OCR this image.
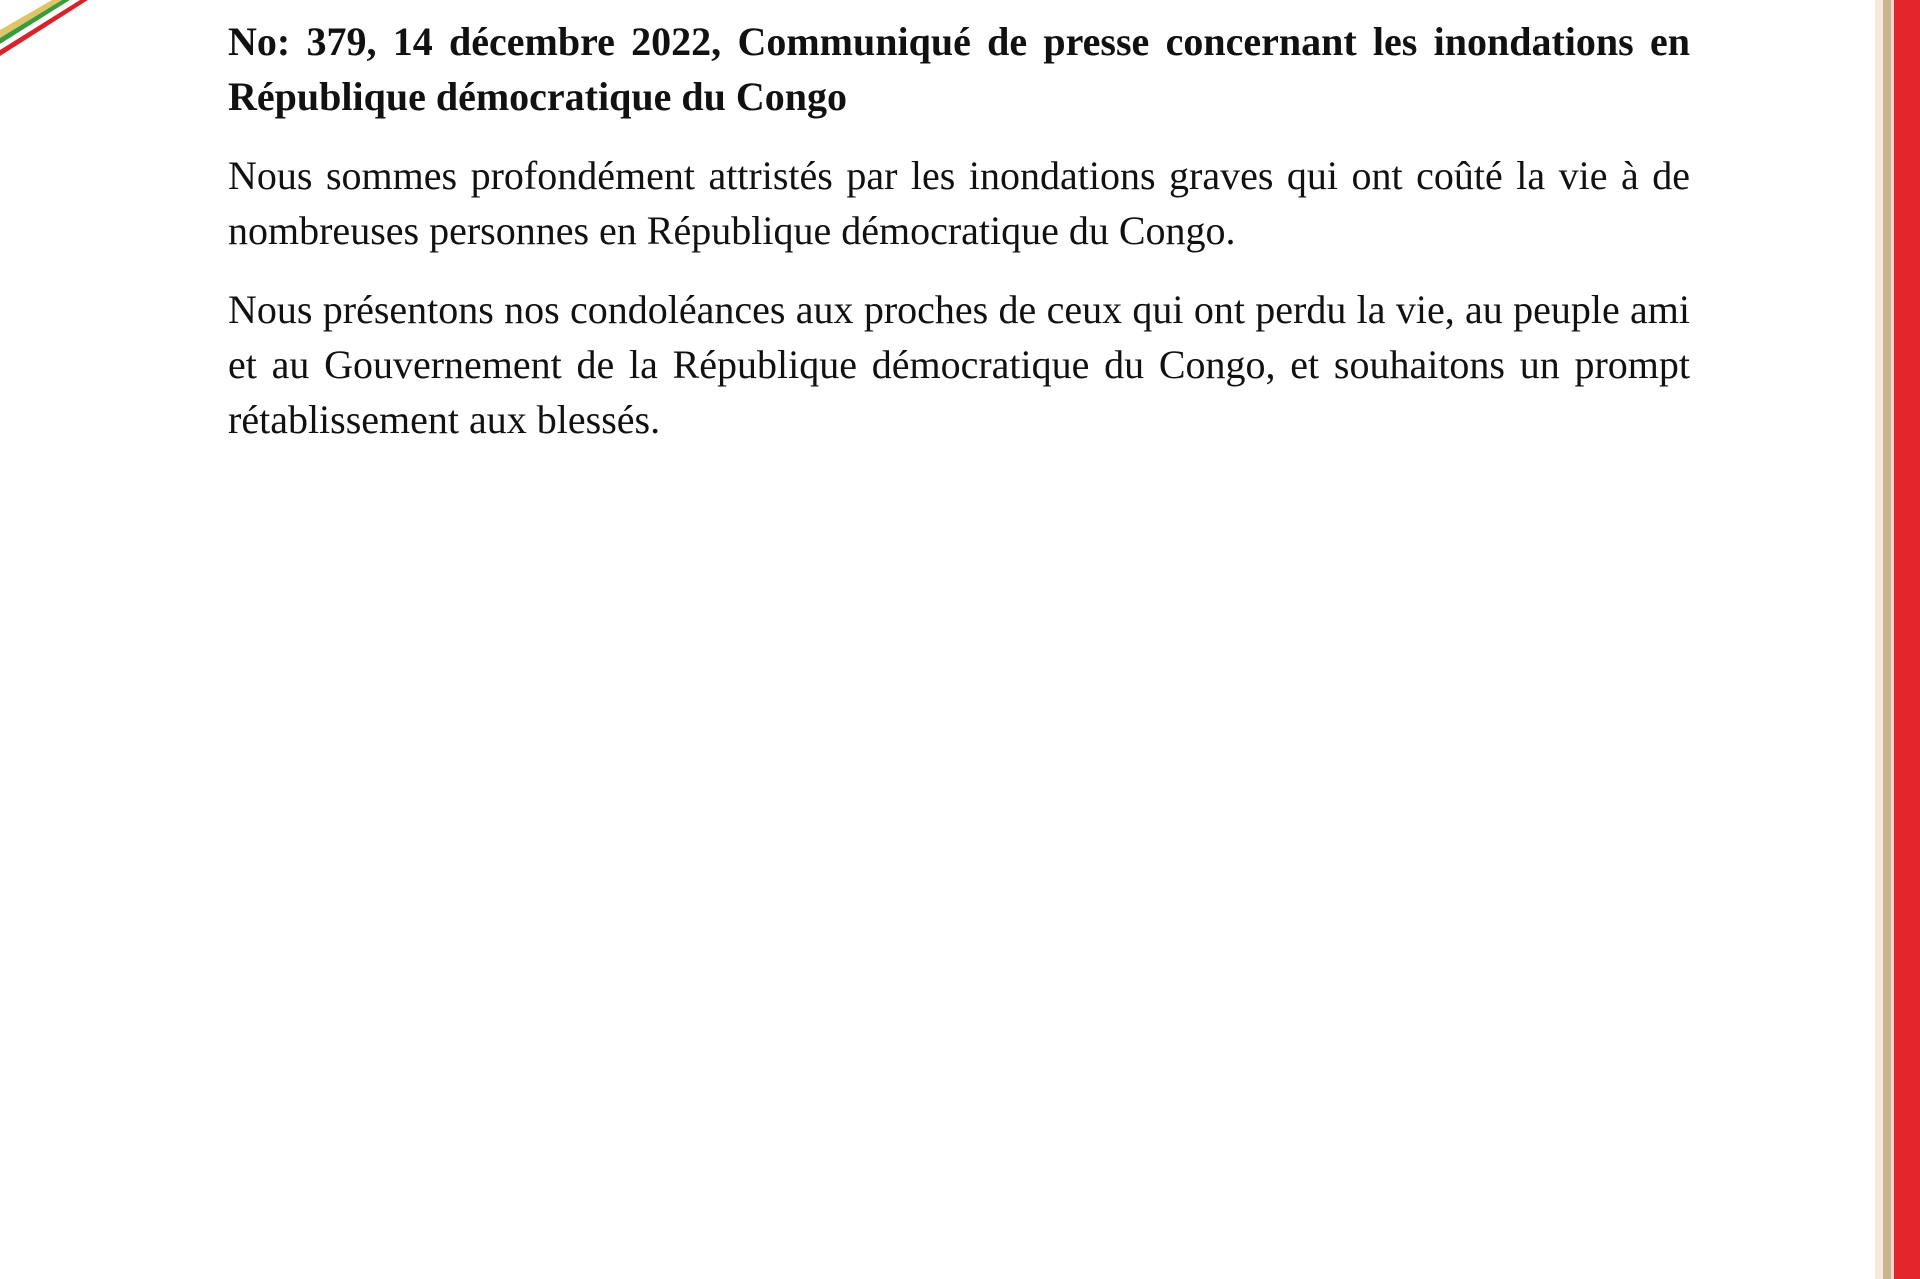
No: 379, 14 décembre 2022, Communiqué de presse concernant les inondations en République démocratique du Congo

Nous sommes profondément attristés par les inondations graves qui ont coûté la vie à de nombreuses personnes en République démocratique du Congo.

Nous présentons nos condoléances aux proches de ceux qui ont perdu la vie, au peuple ami et au Gouvernement de la République démocratique du Congo, et souhaitons un prompt rétablissement aux blessés.
